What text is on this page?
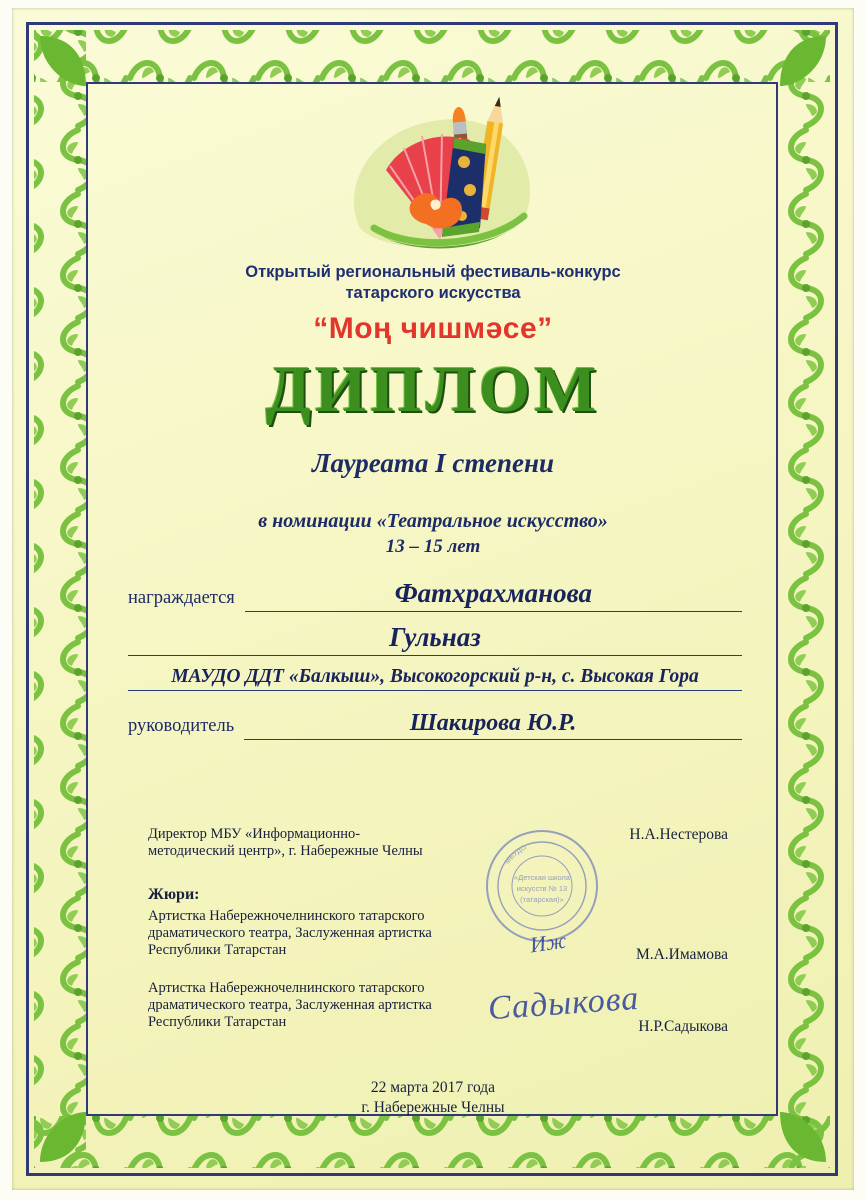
Открытый региональный фестиваль-конкурс
татарского искусства
“Моң чишмәсе”
ДИПЛОМ
Лауреата I степени
в номинации «Театральное искусство»
13 – 15 лет
награждается	Фатхрахманова
Гульназ
МАУДО ДДТ «Балкыш», Высокогорский р-н, с. Высокая Гора
руководитель	Шакирова Ю.Р.
МБУДО
«Детская школа
искусств № 13
(татарская)»
Директор МБУ «Информационно-
методический центр», г. Набережные Челны
Н.А.Нестерова
Жюри:
Артистка Набережночелнинского татарского
драматического театра, Заслуженная артистка
Республики Татарстан	М.А.Имамова
Артистка Набережночелнинского татарского
драматического театра, Заслуженная артистка
Республики Татарстан	Н.Р.Садыкова
Иж
Садыкова
22 марта 2017 года
г. Набережные Челны
